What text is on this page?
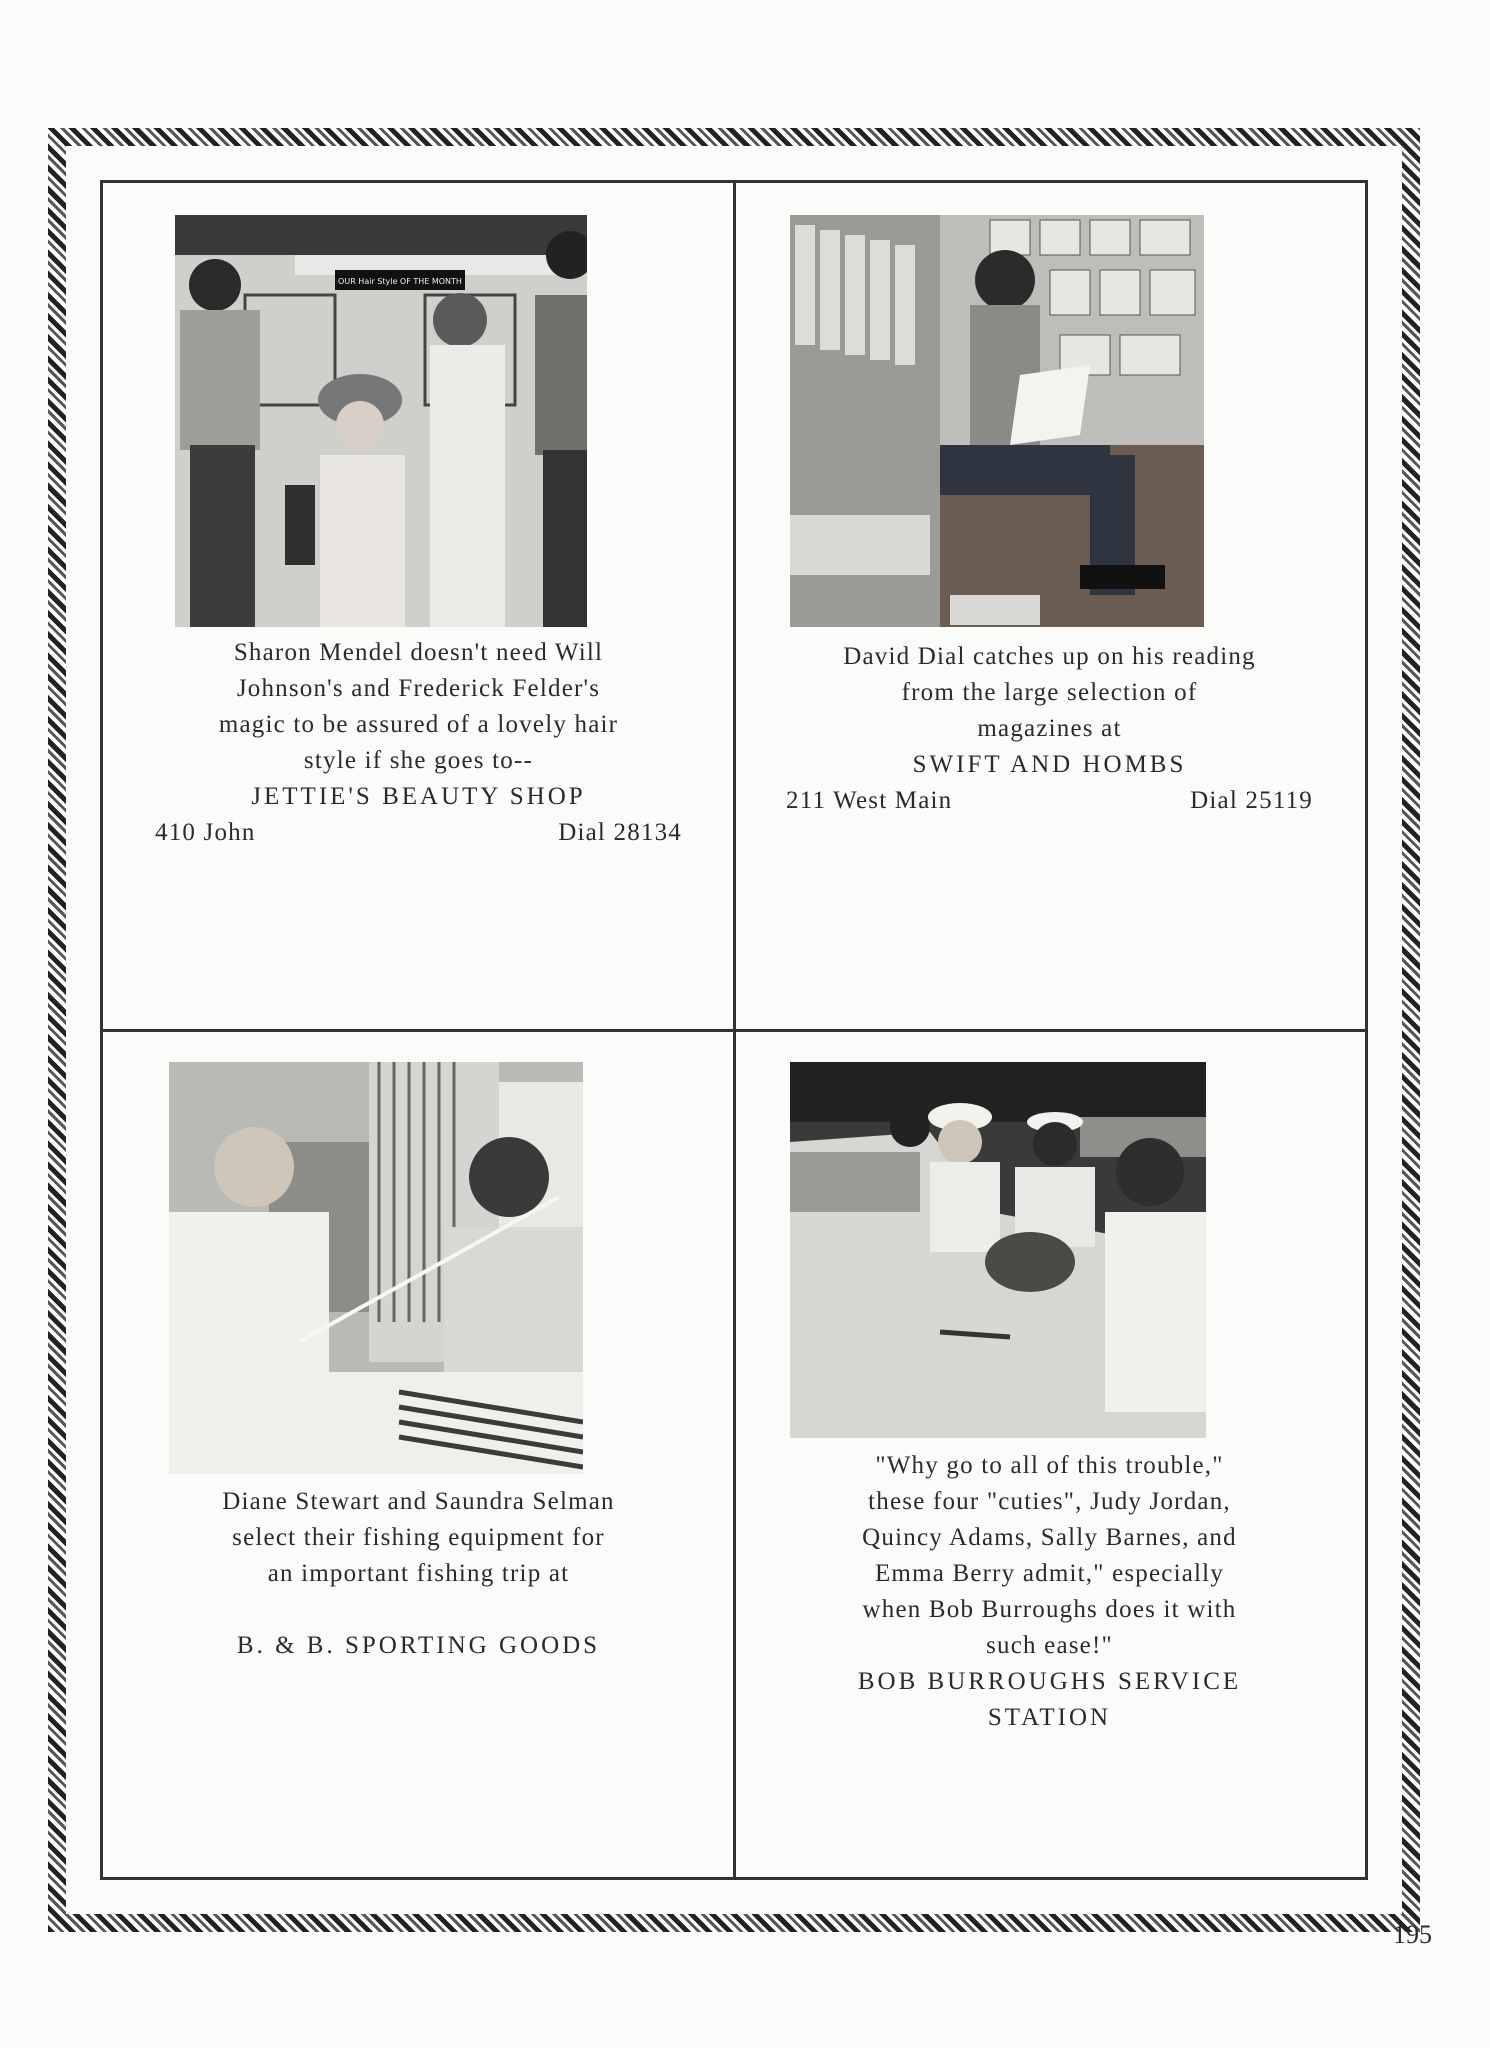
OUR Hair Style OF THE MONTH
Sharon Mendel doesn't need Will
Johnson's and Frederick Felder's
magic to be assured of a lovely hair
style if she goes to--
JETTIE'S BEAUTY SHOP
410 John	Dial 28134
David Dial catches up on his reading
from the large selection of
magazines at
SWIFT AND HOMBS
211 West Main	Dial 25119
Diane Stewart and Saundra Selman
select their fishing equipment for
an important fishing trip at
B. & B. SPORTING GOODS
"Why go to all of this trouble,"
these four "cuties", Judy Jordan,
Quincy Adams, Sally Barnes, and
Emma Berry admit," especially
when Bob Burroughs does it with
such ease!"
BOB BURROUGHS SERVICE
STATION
195
